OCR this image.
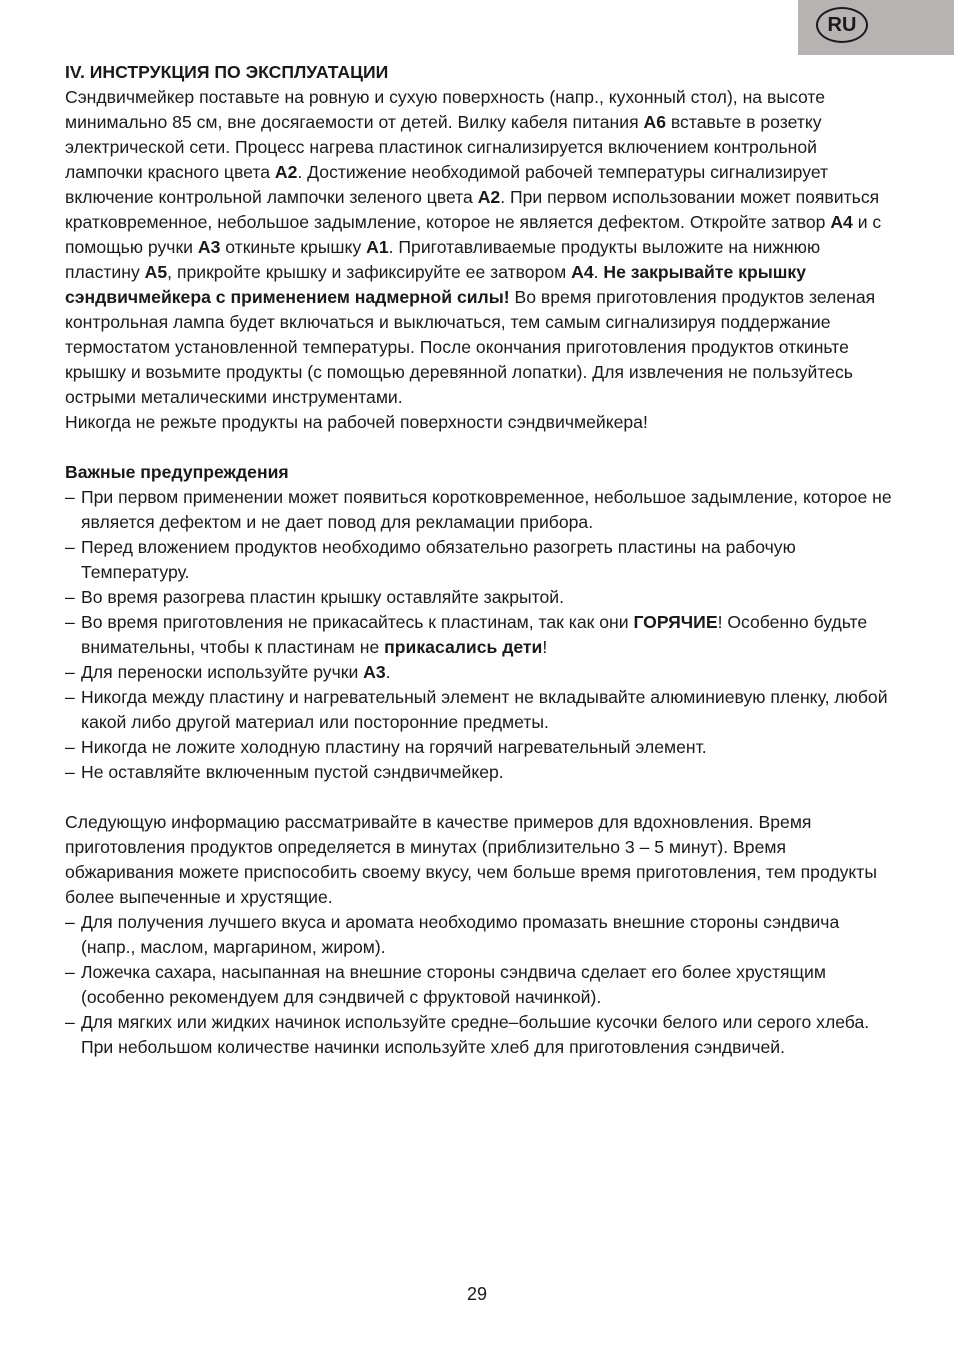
RU
IV. ИНСТРУКЦИЯ ПО ЭКСПЛУАТАЦИИ

Сэндвичмейкер поставьте на ровную и сухую поверхность (напр., кухонный стол), на высоте минимально 85 см, вне досягаемости от детей. Вилку кабеля питания A6 вставьте в розетку электрической сети. Процесс нагрева пластинок сигнализируется включением контрольной лампочки красного цвета A2. Достижение необходимой рабочей температуры сигнализирует включение контрольной лампочки зеленого цвета A2. При первом использовании может появиться кратковременное, небольшое задымление, которое не является дефектом. Откройте затвор A4 и с помощью ручки A3 откиньте крышку A1. Приготавливаемые продукты выложите на нижнюю пластину A5, прикройте крышку и зафиксируйте ее затвором A4. Не закрывайте крышку сэндвичмейкера с применением надмерной силы! Во время приготовления продуктов зеленая контрольная лампа будет включаться и выключаться, тем самым сигнализируя поддержание термостатом установленной температуры. После окончания приготовления продуктов откиньте крышку и возьмите продукты (с помощью деревянной лопатки). Для извлечения не пользуйтесь острыми металическими инструментами.

Никогда не режьте продукты на рабочей поверхности сэндвичмейкера!

Важные предупреждения
– При первом применении может появиться коротковременное, небольшое задымление, которое не является дефектом и не дает повод для рекламации прибора.
– Перед вложением продуктов необходимо обязательно разогреть пластины на рабочую Температуру.
– Во время разогрева пластин крышку оставляйте закрытой.
– Во время приготовления не прикасайтесь к пластинам, так как они ГОРЯЧИЕ! Особенно будьте внимательны, чтобы к пластинам не прикасались дети!
– Для переноски используйте ручки A3.
– Никогда между пластину и нагревательный элемент не вкладывайте алюминиевую пленку, любой какой либо другой материал или посторонние предметы.
– Никогда не ложите холодную пластину на горячий нагревательный элемент.
– Не оставляйте включенным пустой сэндвичмейкер.

Следующую информацию рассматривайте в качестве примеров для вдохновления. Время приготовления продуктов определяется в минутах (приблизительно 3 – 5 минут). Время обжаривания можете приспособить своему вкусу, чем больше время приготовления, тем продукты более выпеченные и хрустящие.

– Для получения лучшего вкуса и аромата необходимо промазать внешние стороны сэндвича (напр., маслом, маргарином, жиром).
– Ложечка сахара, насыпанная на внешние стороны сэндвича сделает его более хрустящим (особенно рекомендуем для сэндвичей с фруктовой начинкой).
– Для мягких или жидких начинок используйте средне–большие кусочки белого или серого хлеба. При небольшом количестве начинки используйте хлеб для приготовления сэндвичей.
29
